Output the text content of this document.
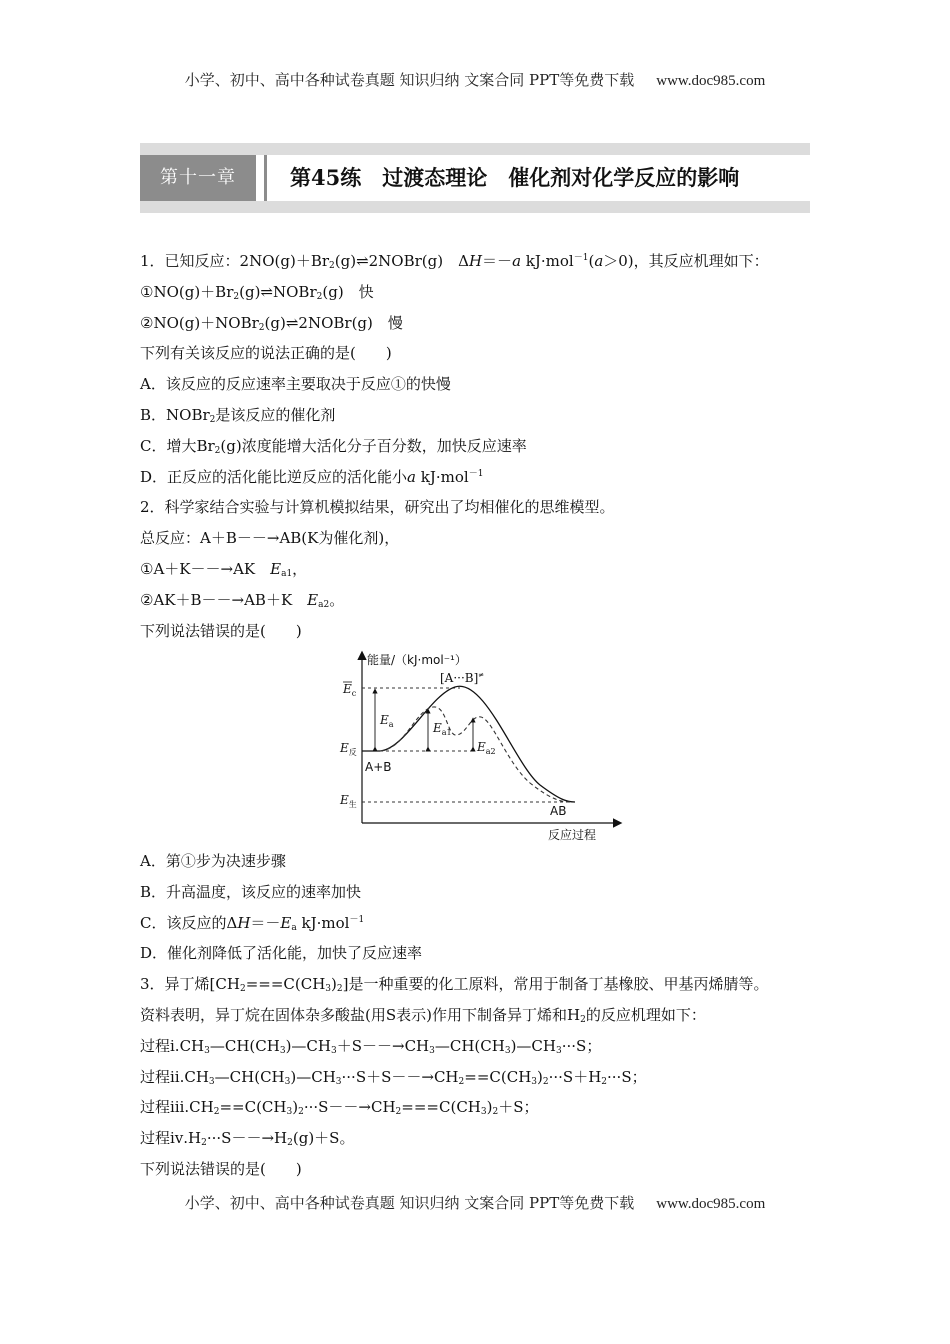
小学、初中、高中各种试卷真题 知识归纳 文案合同 PPT等免费下载 www.doc985.com
第十一章	第45练　过渡态理论　催化剂对化学反应的影响
1．已知反应：$2NO(g)+Br_2(g)\rightleftharpoons 2NOBr(g)$　ΔH＝－a kJ·mol$^{-1}$(a＞0)，其反应机理如下：
$①NO(g)+Br_2(g)\rightleftharpoons NOBr_2(g)$　快
②NO(g)＋NOBr$_2$(g)⇌2NOBr(g)　慢
下列有关该反应的说法正确的是(　　)
A．该反应的反应速率主要取决于反应①的快慢
B．NOBr$_2$是该反应的催化剂
C．增大$Br_2(g)$浓度能增大活化分子百分数，加快反应速率
D．正反应的活化能比逆反应的活化能小a kJ·mol$^{-1}$
2．科学家结合实验与计算机模拟结果，研究出了均相催化的思维模型。
总反应：A＋B－－→AB(K为催化剂)，
①A＋K－－→AK　$E_{a1}$，
②AK＋B－－→AB＋K　$E_{a2}$。
下列说法错误的是(　　)
能量/（kJ·mol⁻¹）
反应过程
$E_c$
$E_反$
$E_生$
[A···B]≠
A+B
AB
$E_a$	$E_{a1}$
$E_{a2}$
A．第①步为决速步骤
B．升高温度，该反应的速率加快
C．该反应的$\Delta H=-E_a$ kJ·mol$^{-1}$
D．催化剂降低了活化能，加快了反应速率
3．异丁烯$[CH_2===C(CH_3)_2]$是一种重要的化工原料，常用于制备丁基橡胶、甲基丙烯腈等。
资料表明，异丁烷在固体杂多酸盐(用S表示)作用下制备异丁烯和$H_2$的反应机理如下：
过程$ⅰ.CH_3—CH(CH_3)—CH_3+S--\to CH_3—CH(CH_3)—CH_3\cdot\cdot\cdot S$；
过程$ⅱ.CH_3—CH(CH_3)—CH_3\cdot\cdot\cdot S+S--\to CH_2==C(CH_3)_2\cdot\cdot\cdot S+H_2\cdot\cdot\cdot S$；
过程$ⅲ.CH_2==C(CH_3)_2\cdot\cdot\cdot S--\to CH_2===C(CH_3)_2+S$；
过程$ⅳ.H_2\cdot\cdot\cdot S--\to H_2(g)+S$。
下列说法错误的是(　　)
小学、初中、高中各种试卷真题 知识归纳 文案合同 PPT等免费下载 www.doc985.com
